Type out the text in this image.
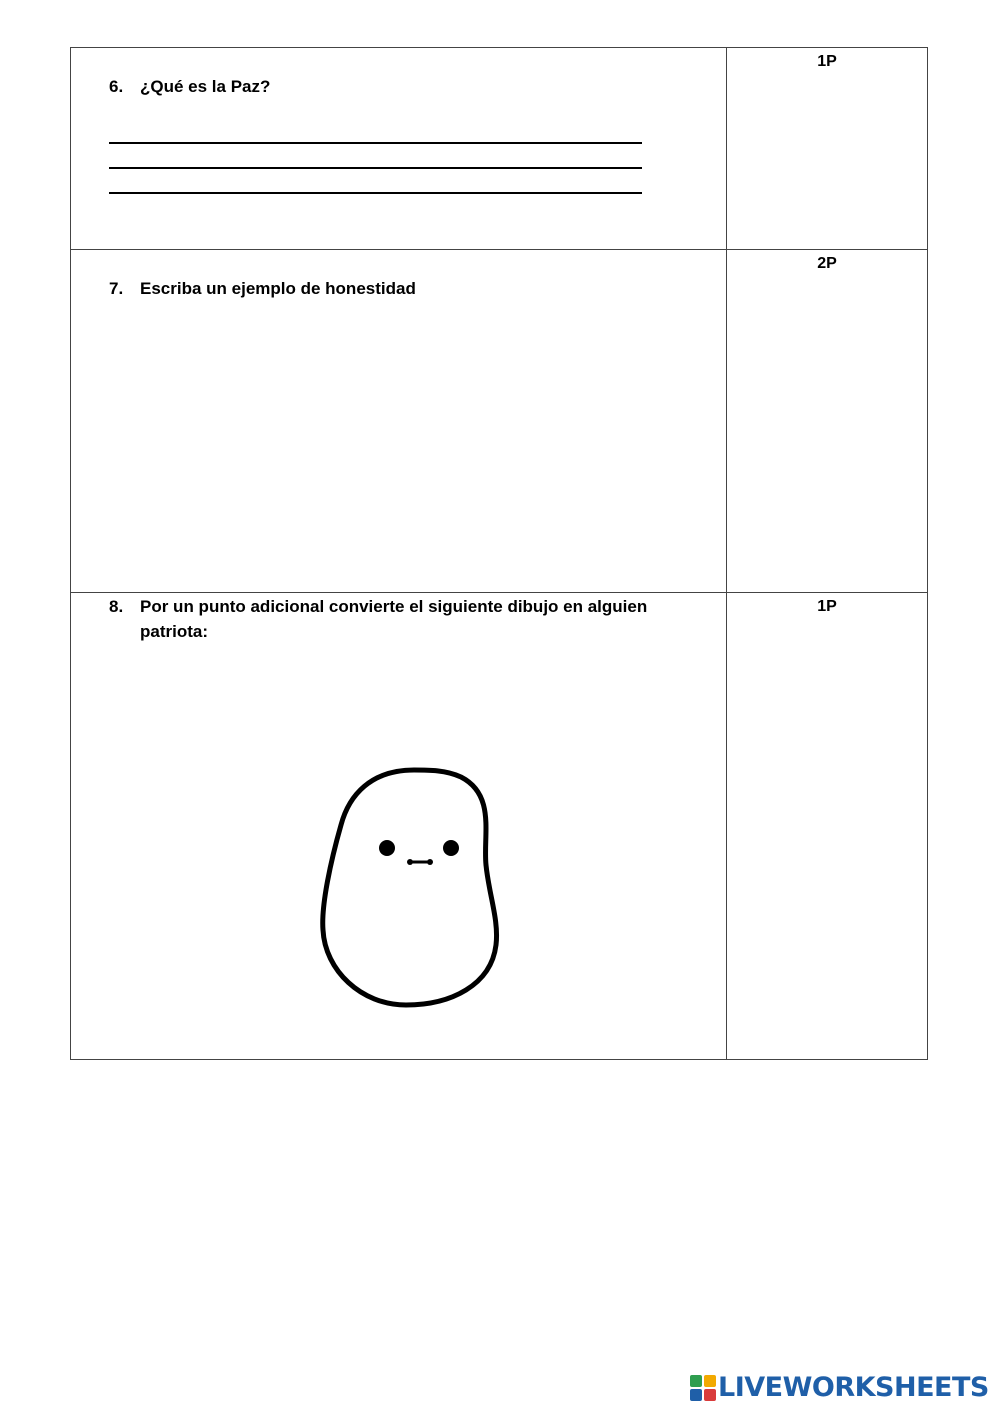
6. ¿Qué es la Paz?	1P

7. Escriba un ejemplo de honestidad	2P

8. Por un punto adicional convierte el siguiente dibujo en alguien patriota:	1P
LIVEWORKSHEETS
